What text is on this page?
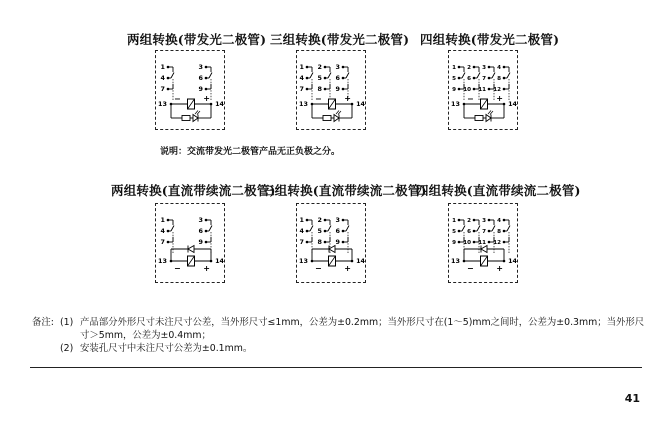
两组转换(带发光二极管) 三组转换(带发光二极管) 四组转换(带发光二极管)
1
4
7
3
6
9
13	14
−	+
1
4
7
2
5
8
3
6
9
13	14
−	+
1
5
9
2
6
10
3
7
11
4
8
12
13	14
−	+
说明：交流带发光二极管产品无正负极之分。
两组转换(直流带续流二极管)
三组转换(直流带续流二极管)
四组转换(直流带续流二极管)
1
4
7
3
6
9
13	14
−	+
1
4
7
2
5
8
3
6
9
13	14
−	+
1
5
9
2
6
10
3
7
11
4
8
12
13	14
−	+
备注: (1) 产品部分外形尺寸未注尺寸公差，当外形尺寸≤1mm，公差为±0.2mm；当外形尺寸在(1～5)mm之间时，公差为±0.3mm；当外形尺
寸＞5mm，公差为±0.4mm；
(2) 安装孔尺寸中未注尺寸公差为±0.1mm。
41
